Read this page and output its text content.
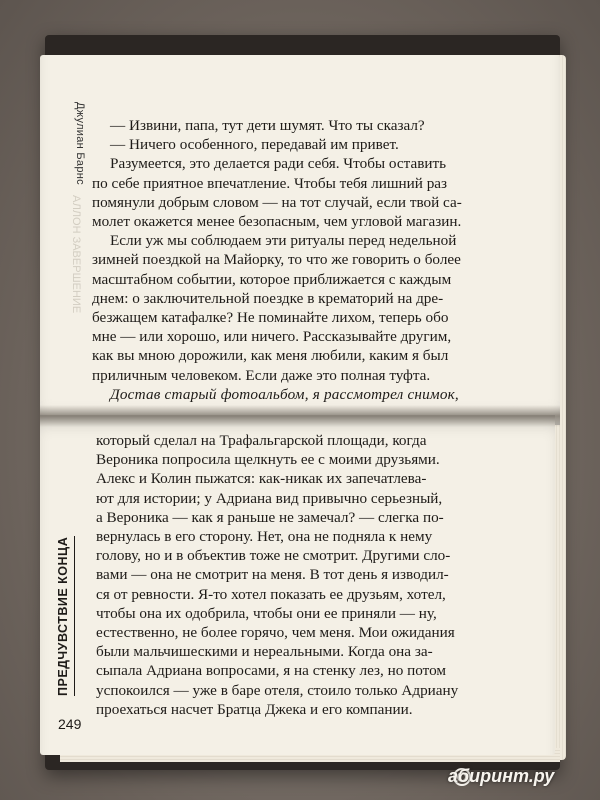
Джулиан Барнс
АЛЛОН ЗАВЕРШЕНИЕ
— Извини, папа, тут дети шумят. Что ты сказал?
— Ничего особенного, передавай им привет.
Разумеется, это делается ради себя. Чтобы оставить
по себе приятное впечатление. Чтобы тебя лишний раз
помянули добрым словом — на тот случай, если твой са-
молет окажется менее безопасным, чем угловой магазин.
Если уж мы соблюдаем эти ритуалы перед недельной
зимней поездкой на Майорку, то что же говорить о более
масштабном событии, которое приближается с каждым
днем: о заключительной поездке в крематорий на дре-
безжащем катафалке? Не поминайте лихом, теперь обо
мне — или хорошо, или ничего. Рассказывайте другим,
как вы мною дорожили, как меня любили, каким я был
приличным человеком. Если даже это полная туфта.
Достав старый фотоальбом, я рассмотрел снимок,
который сделал на Трафальгарской площади, когда
Вероника попросила щелкнуть ее с моими друзьями.
Алекс и Колин пыжатся: как-никак их запечатлева-
ют для истории; у Адриана вид привычно серьезный,
а Вероника — как я раньше не замечал? — слегка по-
вернулась в его сторону. Нет, она не подняла к нему
голову, но и в объектив тоже не смотрит. Другими сло-
вами — она не смотрит на меня. В тот день я изводил-
ся от ревности. Я-то хотел показать ее друзьям, хотел,
чтобы она их одобрила, чтобы они ее приняли — ну,
естественно, не более горячо, чем меня. Мои ожидания
были мальчишескими и нереальными. Когда она за-
сыпала Адриана вопросами, я на стенку лез, но потом
успокоился — уже в баре отеля, стоило только Адриану
проехаться насчет Братца Джека и его компании.
ПРЕДЧУВСТВИЕ КОНЦА
249
абиринт.ру
